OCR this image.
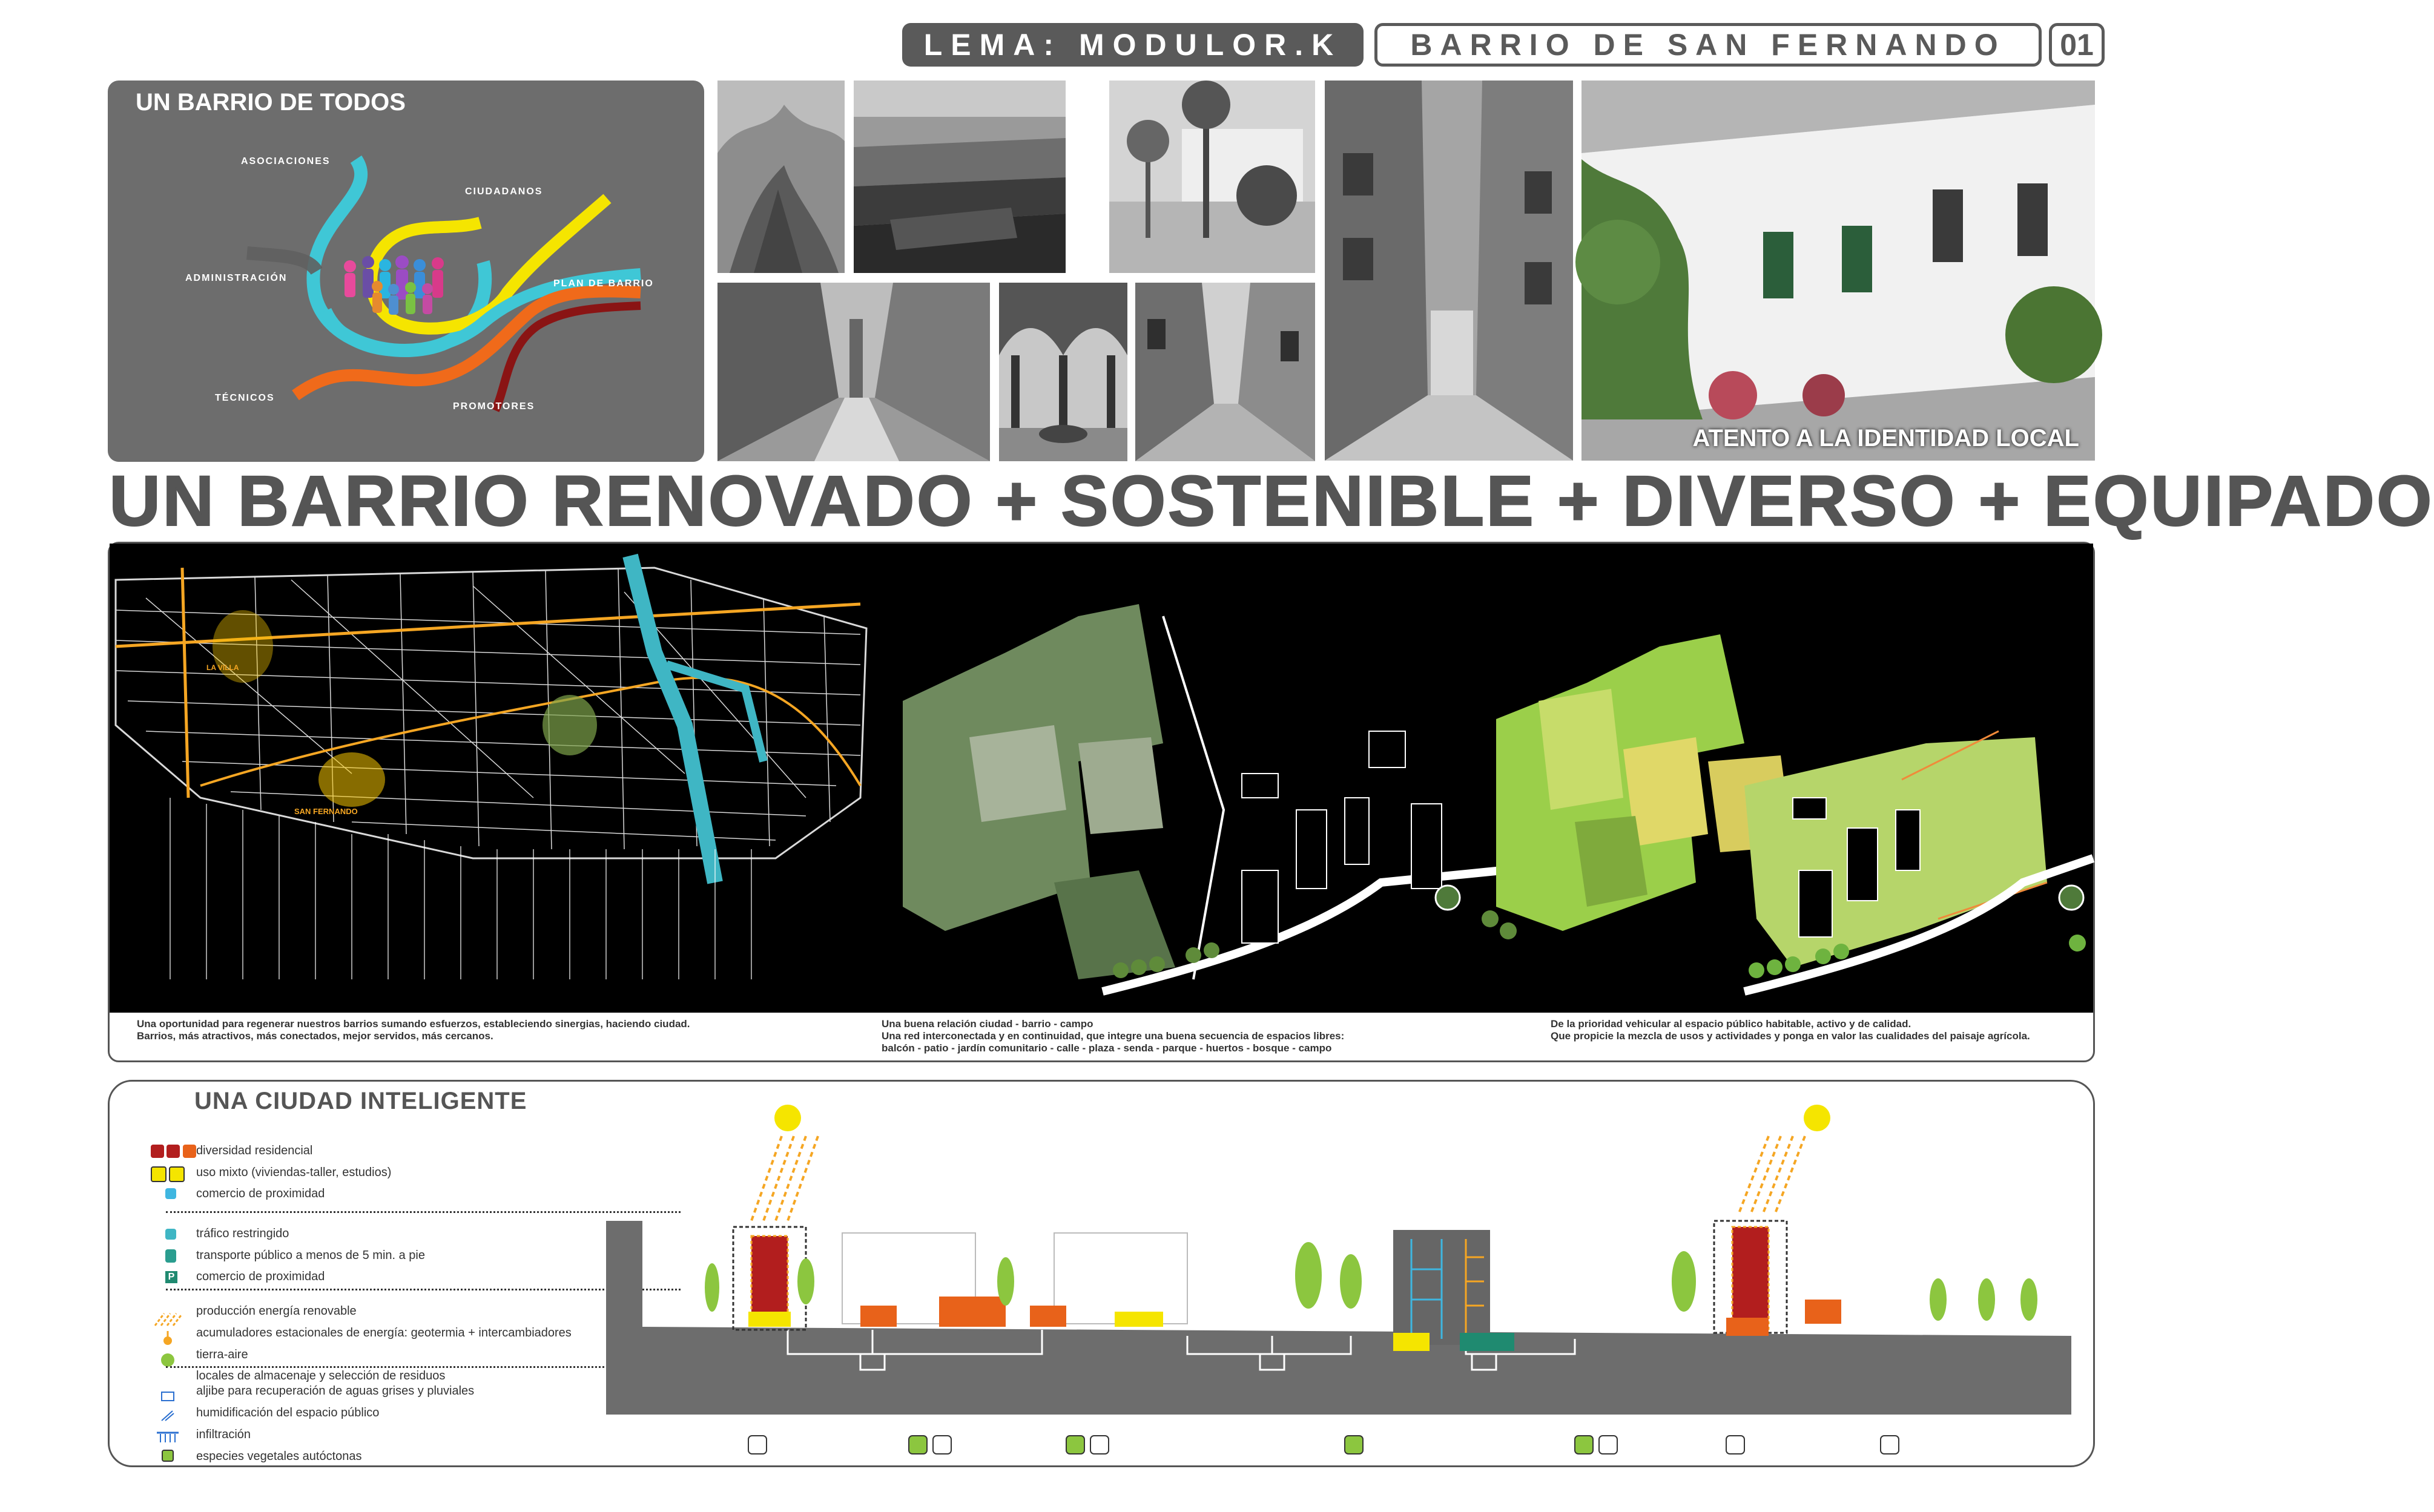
LEMA: MODULOR.K	BARRIO DE SAN FERNANDO	01
UN BARRIO DE TODOS
ASOCIACIONES
CIUDADANOS
ADMINISTRACIÓN
PLAN DE BARRIO
TÉCNICOS
PROMOTORES
ATENTO A LA IDENTIDAD LOCAL
UN BARRIO RENOVADO + SOSTENIBLE + DIVERSO + EQUIPADO
SAN FERNANDO
LA VILLA
Una oportunidad para regenerar nuestros barrios sumando esfuerzos, estableciendo sinergias, haciendo ciudad.
Barrios, más atractivos, más conectados, mejor servidos, más cercanos.
Una buena relación ciudad - barrio - campo
Una red interconectada y en continuidad, que integre una buena secuencia de espacios libres:
balcón - patio - jardín comunitario - calle - plaza - senda - parque - huertos - bosque - campo
De la prioridad vehicular al espacio público habitable, activo y de calidad.
Que propicie la mezcla de usos y actividades y ponga en valor las cualidades del paisaje agrícola.
UNA CIUDAD INTELIGENTE

P
diversidad residencial
uso mixto (viviendas-taller, estudios)
comercio de proximidad
tráfico restringido
transporte público a menos de 5 min. a pie
comercio de proximidad
producción energía renovable
acumuladores estacionales de energía: geotermia + intercambiadores
tierra-aire
locales de almacenaje y selección de residuos
aljibe para recuperación de aguas grises y pluviales
humidificación del espacio público
infiltración
especies vegetales autóctonas
